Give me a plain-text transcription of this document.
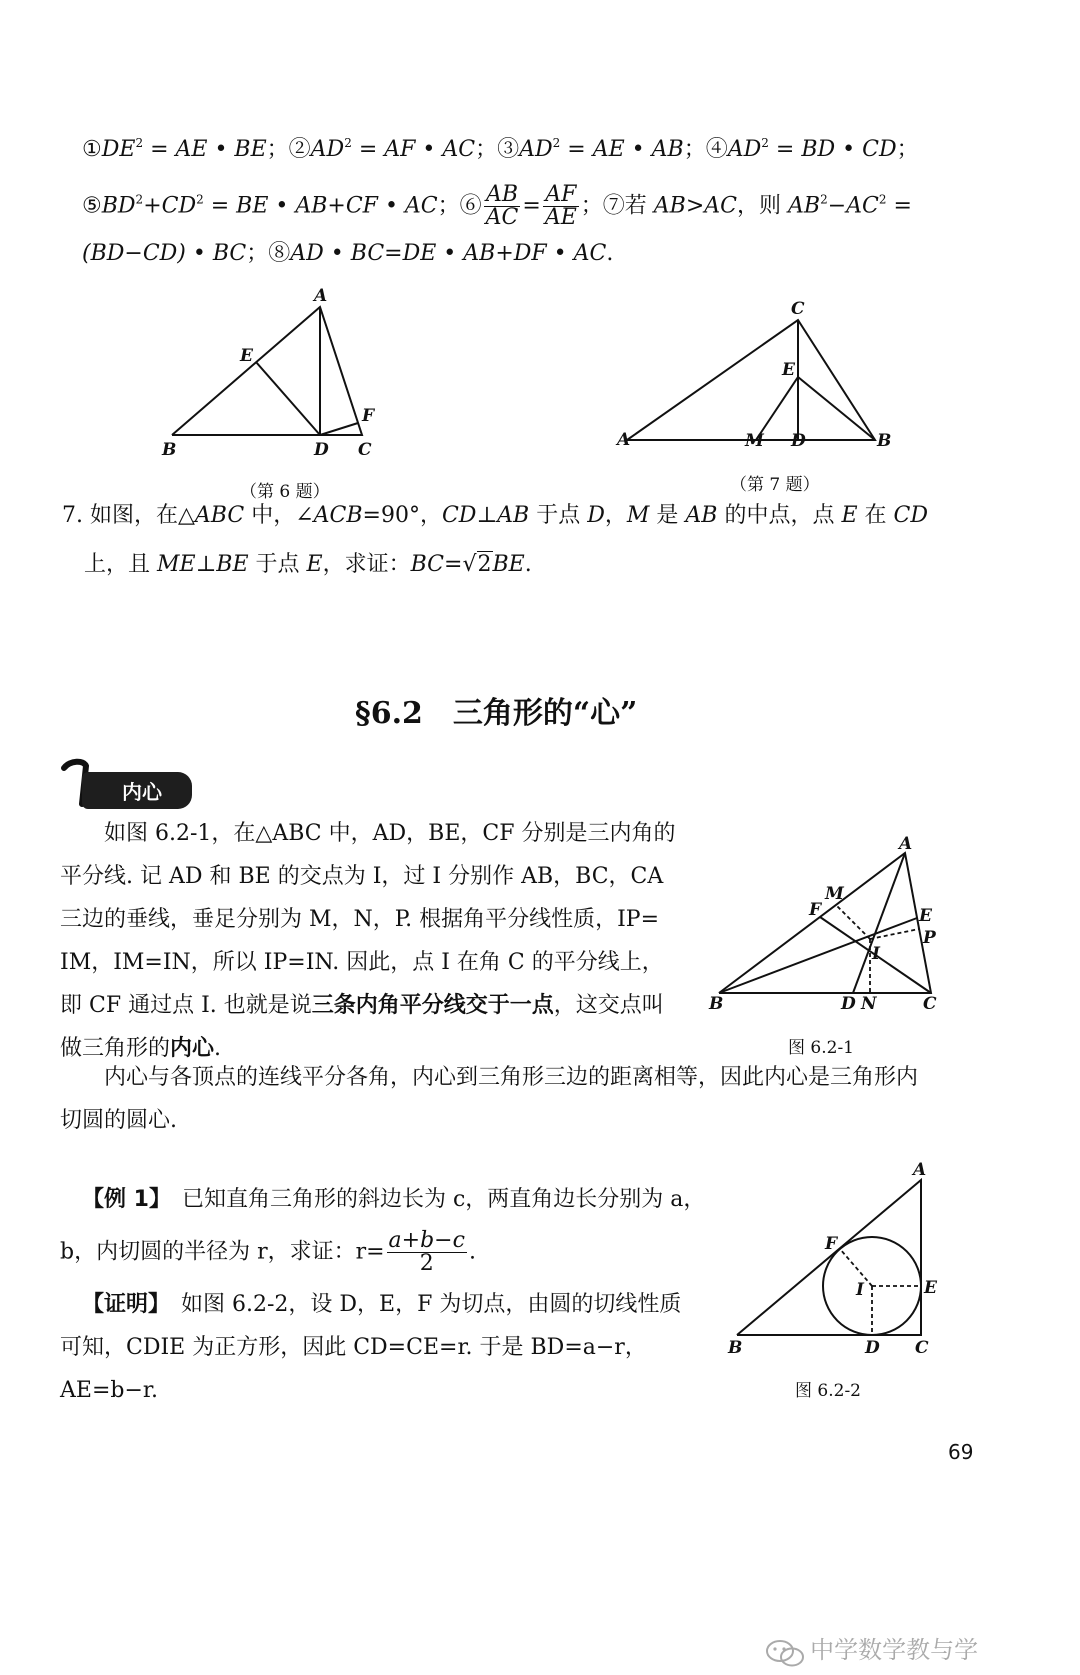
$①DE^2$ = AE • BE；$②AD^2$ = AF • AC；$③AD^2$ = AE • AB；$④AD^2$ = BD • CD；
$⑤BD^2+CD^2$ = BE • AB+CF • AC；⑥ $\frac{AB}{AC} = \frac{AF}{AE}$ ；⑦若 AB>AC，则 $AB^2-AC^2$ =
(BD−CD) • BC；⑧AD • BC=DE • AB+DF • AC.
A
E
F
B	D C
（第 6 题）
C
E
A	M D	B
（第 7 题）
7. 如图，在△ABC 中，∠ACB=90°，CD⊥AB 于点 D，M 是 AB 的中点，点 E 在 CD
上，且 ME⊥BE 于点 E，求证：BC=√2BE.
§6.2　三角形的“心”
内心
　　如图 6.2-1，在△ABC 中，AD，BE，CF 分别是三内角的
平分线. 记 AD 和 BE 的交点为 I，过 I 分别作 AB，BC，CA
三边的垂线，垂足分别为 M，N，P. 根据角平分线性质，IP=
IM，IM=IN，所以 IP=IN. 因此，点 I 在角 C 的平分线上，
即 CF 通过点 I. 也就是说三条内角平分线交于一点，这交点叫
做三角形的内心.
A
M
F	E
P
I
B	D N	C
图 6.2-1
　　内心与各顶点的连线平分各角，内心到三角形三边的距离相等，因此内心是三角形内
切圆的圆心.
【例 1】　已知直角三角形的斜边长为 c，两直角边长分别为 a，
b，内切圆的半径为 r，求证：$r= \frac{a+b-c}{2}$ .
【证明】　如图 6.2-2，设 D，E，F 为切点，由圆的切线性质
可知，CDIE 为正方形，因此 CD=CE=r. 于是 BD=a−r，
AE=b−r.
A
F
I	E
B	D C
图 6.2-2
69
中学数学教与学
